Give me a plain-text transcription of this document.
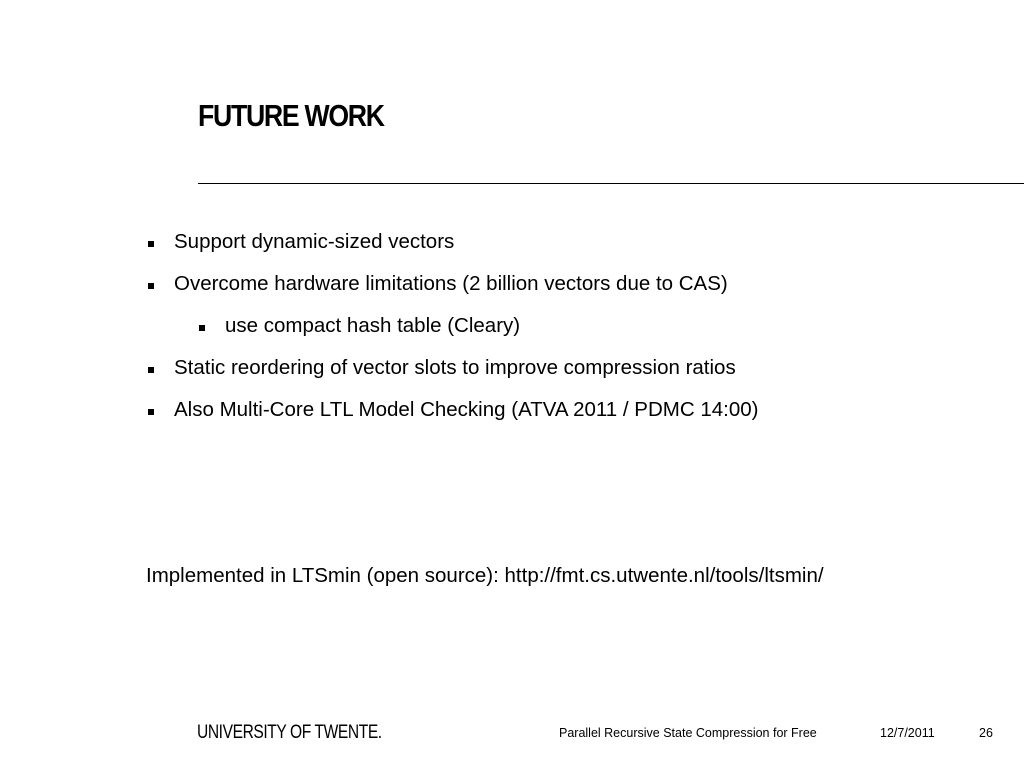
FUTURE WORK
Support dynamic-sized vectors
Overcome hardware limitations (2 billion vectors due to CAS)
use compact hash table (Cleary)
Static reordering of vector slots to improve compression ratios
Also Multi-Core LTL Model Checking (ATVA 2011 / PDMC 14:00)
Implemented in LTSmin (open source): http://fmt.cs.utwente.nl/tools/ltsmin/
UNIVERSITY OF TWENTE.	Parallel Recursive State Compression for Free	12/7/2011	26
